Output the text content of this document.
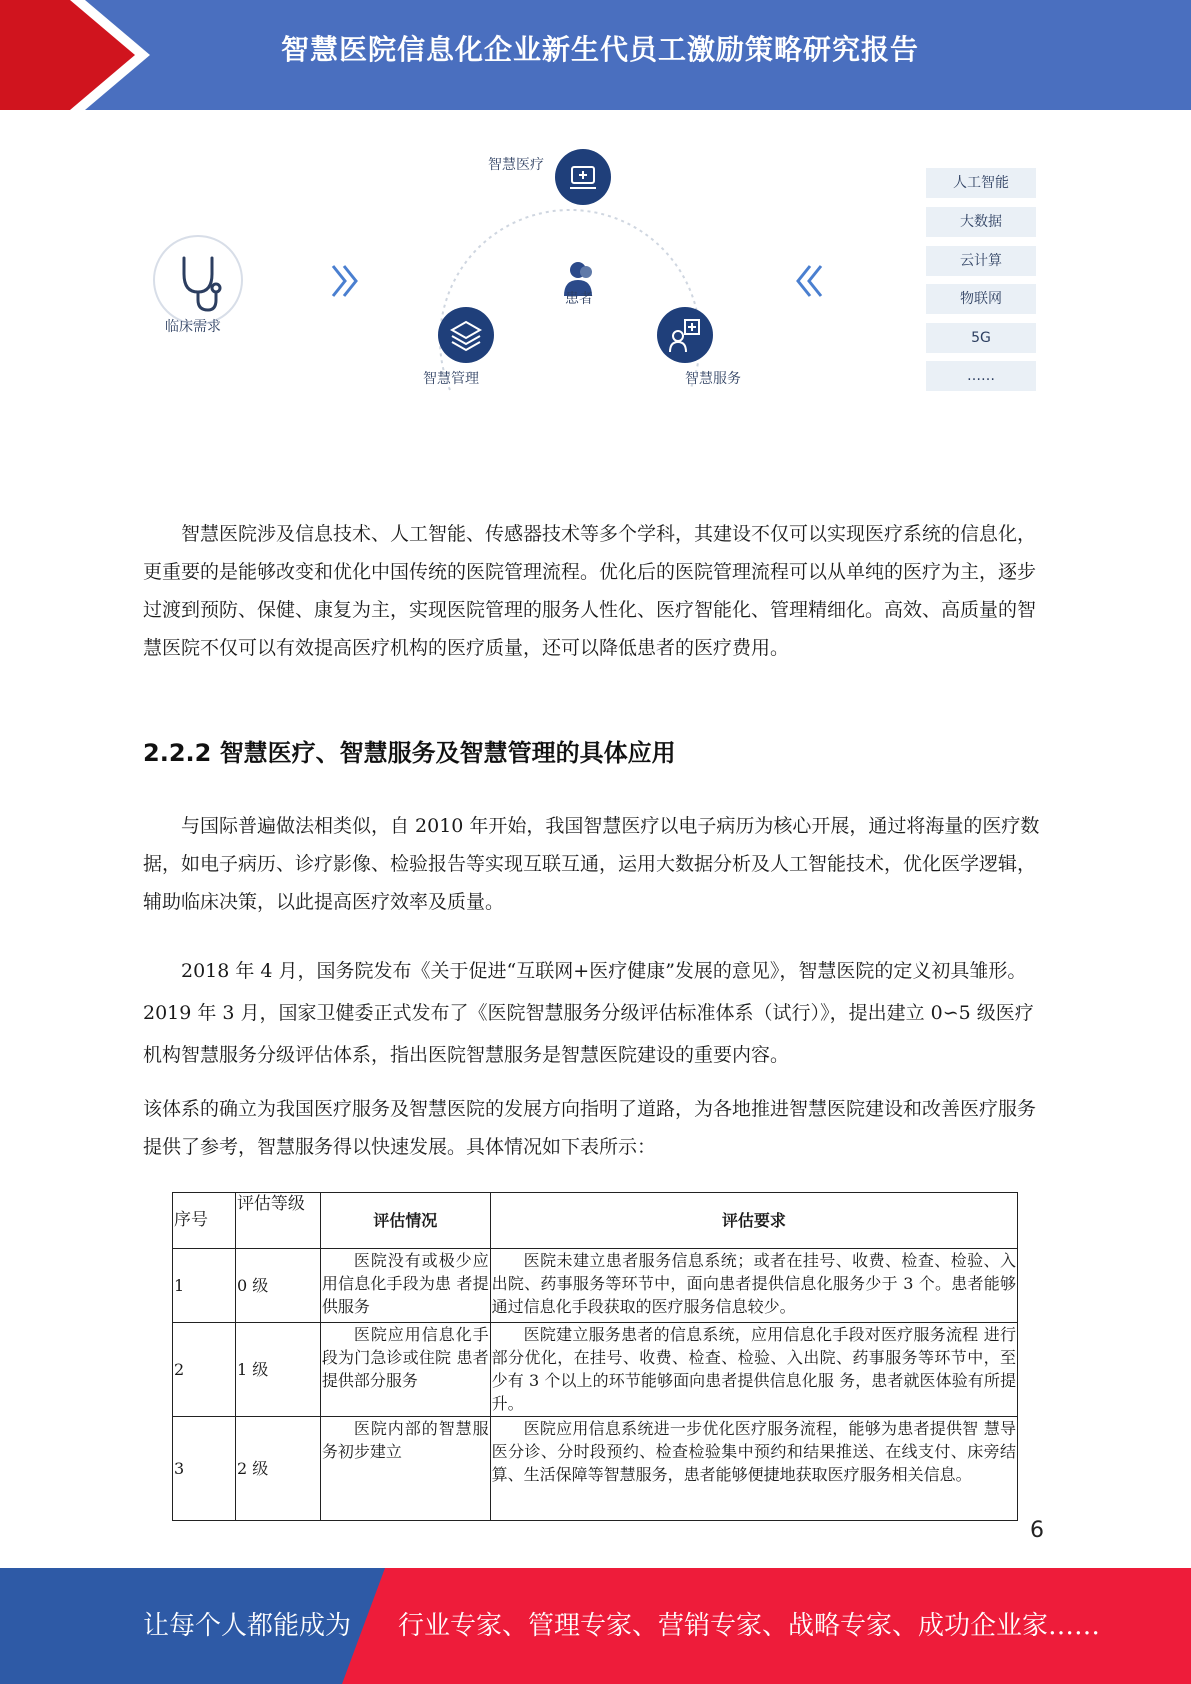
智慧医院信息化企业新生代员工激励策略研究报告
临床需求
患者
智慧医疗
智慧管理	智慧服务
人工智能
大数据
云计算
物联网
5G
……

智慧医院涉及信息技术、人工智能、传感器技术等多个学科，其建设不仅可以实现医疗系统的信息化，更重要的是能够改变和优化中国传统的医院管理流程。优化后的医院管理流程可以从单纯的医疗为主，逐步过渡到预防、保健、康复为主，实现医院管理的服务人性化、医疗智能化、管理精细化。高效、高质量的智慧医院不仅可以有效提高医疗机构的医疗质量，还可以降低患者的医疗费用。

2.2.2 智慧医疗、智慧服务及智慧管理的具体应用

与国际普遍做法相类似，自 2010 年开始，我国智慧医疗以电子病历为核心开展，通过将海量的医疗数据，如电子病历、诊疗影像、检验报告等实现互联互通，运用大数据分析及人工智能技术，优化医学逻辑，辅助临床决策，以此提高医疗效率及质量。

2018 年 4 月，国务院发布《关于促进“互联网+医疗健康”发展的意见》，智慧医院的定义初具雏形。2019 年 3 月，国家卫健委正式发布了《医院智慧服务分级评估标准体系（试行）》，提出建立 0∽5 级医疗机构智慧服务分级评估体系，指出医院智慧服务是智慧医院建设的重要内容。

该体系的确立为我国医疗服务及智慧医院的发展方向指明了道路，为各地推进智慧医院建设和改善医疗服务提供了参考，智慧服务得以快速发展。具体情况如下表所示：

序号	评估等级	评估情况	评估要求
1	0 级	医院没有或极少应 用信息化手段为患 者提供服务	医院未建立患者服务信息系统；或者在挂号、收费、检查、检验、入出院、药事服务等环节中，面向患者提供信息化服务少于 3 个。患者能够通过信息化手段获取的医疗服务信息较少。
2	1 级	医院应用信息化手 段为门急诊或住院 患者提供部分服务	医院建立服务患者的信息系统，应用信息化手段对医疗服务流程 进行部分优化，在挂号、收费、检查、检验、入出院、药事服务等环节中，至少有 3 个以上的环节能够面向患者提供信息化服 务，患者就医体验有所提升。
3	2 级	医院内部的智慧服 务初步建立	医院应用信息系统进一步优化医疗服务流程，能够为患者提供智 慧导医分诊、分时段预约、检查检验集中预约和结果推送、在线支付、床旁结算、生活保障等智慧服务，患者能够便捷地获取医疗服务相关信息。
6
让每个人都能成为 行业专家、管理专家、营销专家、战略专家、成功企业家……
